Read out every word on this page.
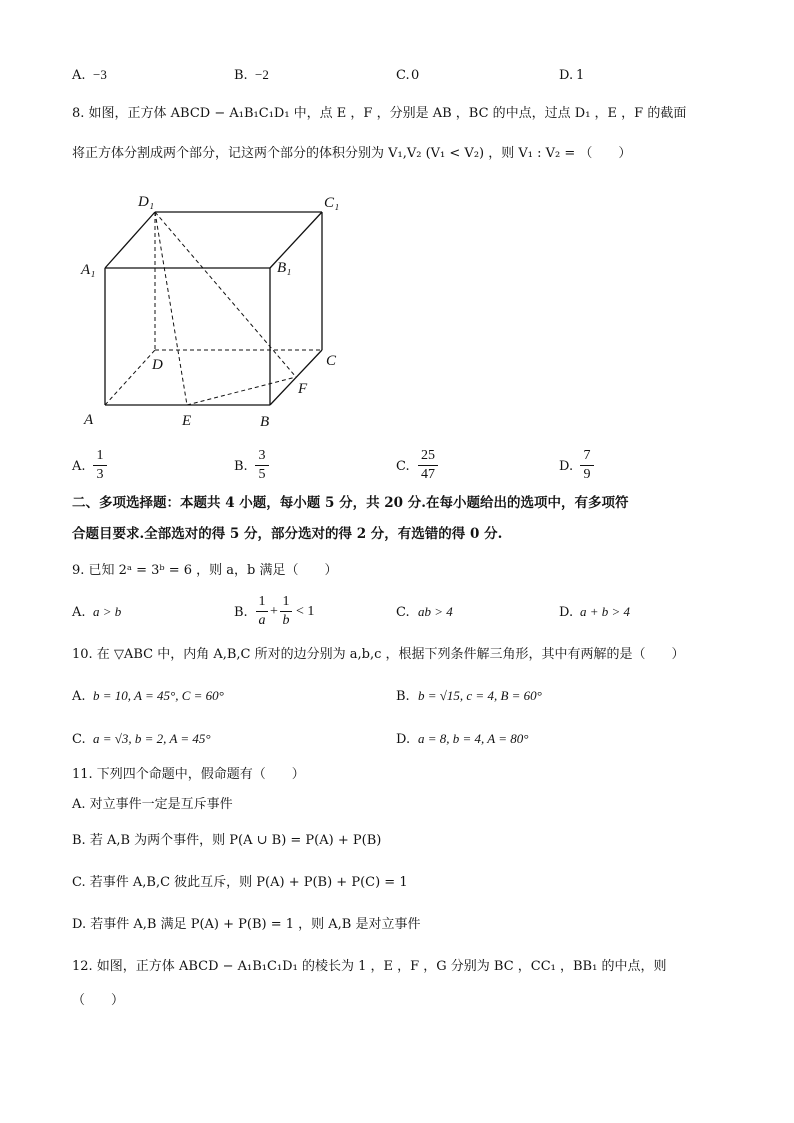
A. −3	B. −2	C. 0	D. 1
8. 如图，正方体 ABCD − A₁B₁C₁D₁ 中，点 E ，F ，分别是 AB ，BC 的中点，过点 D₁ ，E ，F 的截面
将正方体分割成两个部分，记这两个部分的体积分别为 V₁,V₂ (V₁ < V₂) ，则 V₁ : V₂ = （　　）
D₁	C₁
A₁	B₁
D	C
F
A	E	B
A.
1
3
B.
3
5
C.
25
47
D.
7
9
二、多项选择题：本题共 4 小题，每小题 5 分，共 20 分.在每小题给出的选项中，有多项符
合题目要求.全部选对的得 5 分，部分选对的得 2 分，有选错的得 0 分.
9. 已知 2ᵃ = 3ᵇ = 6 ，则 a，b 满足（　　）
A. a > b	B.
1
a
+
1
b
< 1	C. ab > 4	D. a + b > 4
10. 在 ▽ABC 中，内角 A,B,C 所对的边分别为 a,b,c ，根据下列条件解三角形，其中有两解的是（　　）
A. b = 10, A = 45°, C = 60°	B. b = √15, c = 4, B = 60°
C. a = √3, b = 2, A = 45°	D. a = 8, b = 4, A = 80°
11. 下列四个命题中，假命题有（　　）
A. 对立事件一定是互斥事件
B. 若 A,B 为两个事件，则 P(A ∪ B) = P(A) + P(B)
C. 若事件 A,B,C 彼此互斥，则 P(A) + P(B) + P(C) = 1
D. 若事件 A,B 满足 P(A) + P(B) = 1 ，则 A,B 是对立事件
12. 如图，正方体 ABCD − A₁B₁C₁D₁ 的棱长为 1 ，E ，F ，G 分别为 BC ，CC₁ ，BB₁ 的中点，则
（　　）
